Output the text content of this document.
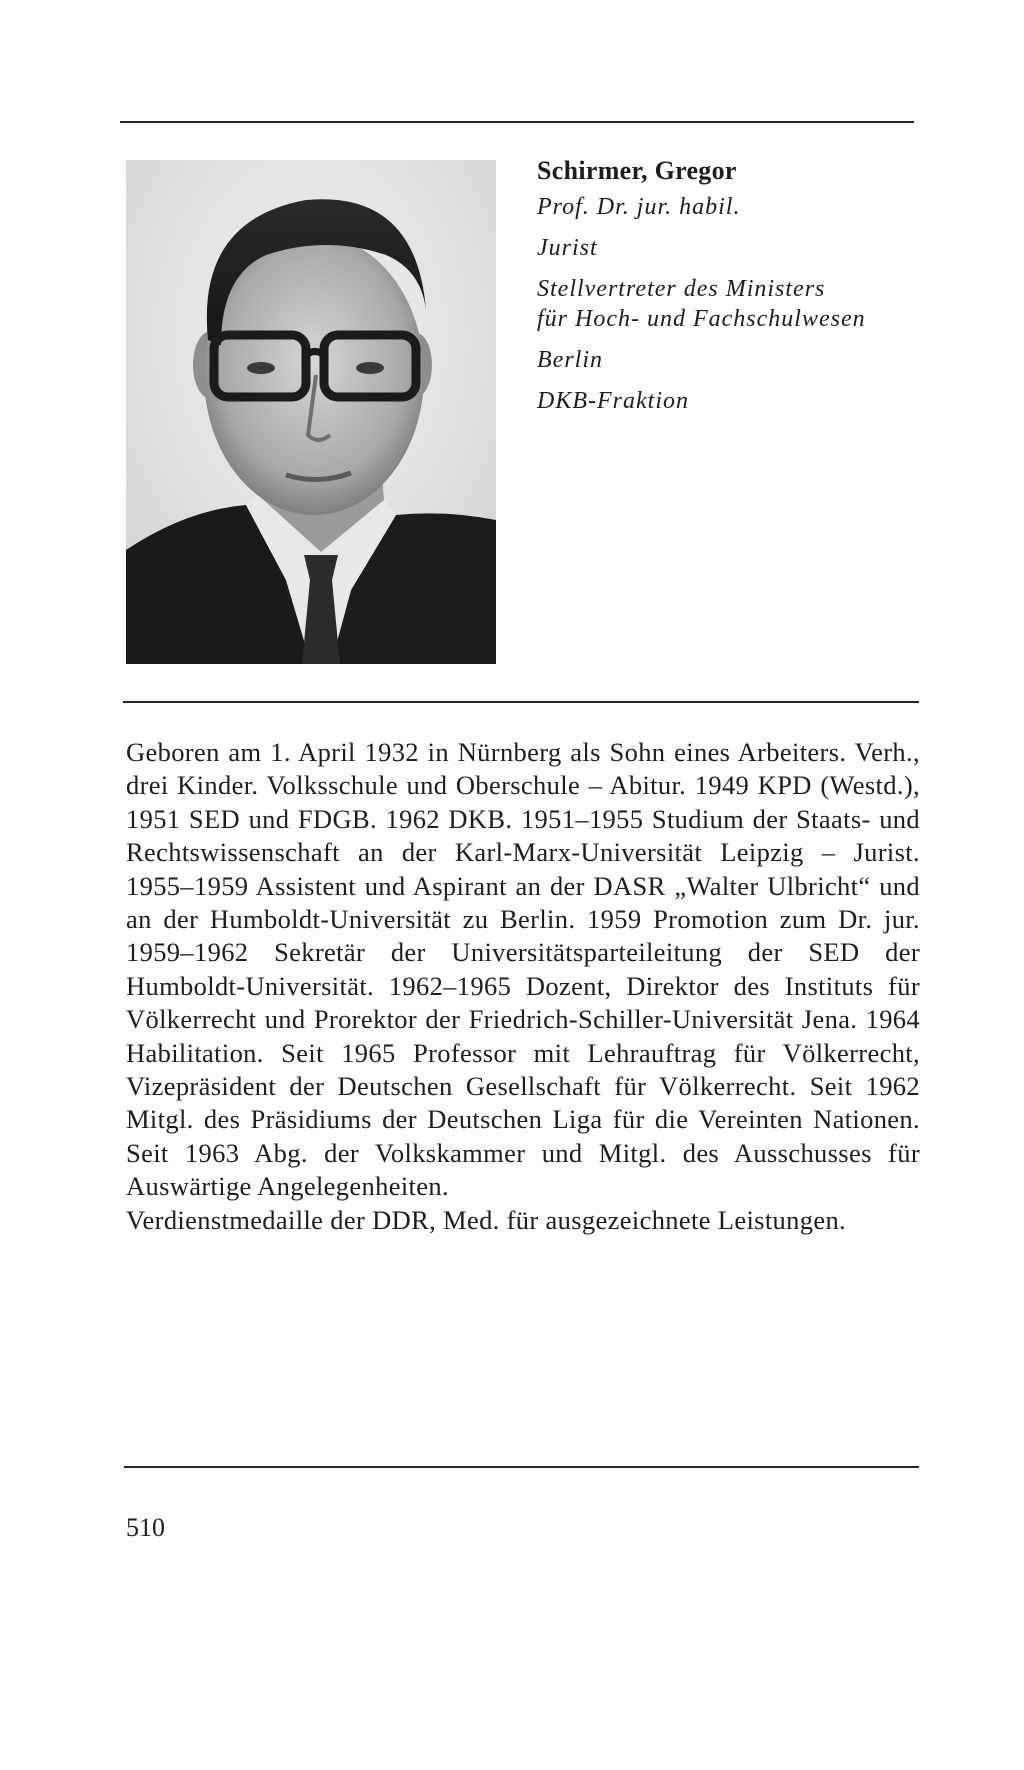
Schirmer, Gregor
Prof. Dr. jur. habil.
Jurist
Stellvertreter des Ministers
für Hoch- und Fachschulwesen
Berlin
DKB-Fraktion

Geboren am 1. April 1932 in Nürnberg als Sohn eines Arbeiters. Verh., drei Kinder. Volksschule und Oberschule – Abitur. 1949 KPD (Westd.), 1951 SED und FDGB. 1962 DKB. 1951–1955 Studium der Staats- und Rechtswissenschaft an der Karl-Marx-Universität Leipzig – Jurist. 1955–1959 Assistent und Aspirant an der DASR „Walter Ulbricht“ und an der Humboldt-Universität zu Berlin. 1959 Promotion zum Dr. jur. 1959–1962 Sekretär der Universitätsparteileitung der SED der Humboldt-Universität. 1962–1965 Dozent, Direktor des Instituts für Völkerrecht und Prorektor der Friedrich-Schiller-Universität Jena. 1964 Habilitation. Seit 1965 Professor mit Lehrauftrag für Völkerrecht, Vizepräsident der Deutschen Gesellschaft für Völkerrecht. Seit 1962 Mitgl. des Präsidiums der Deutschen Liga für die Vereinten Nationen. Seit 1963 Abg. der Volkskammer und Mitgl. des Ausschusses für Auswärtige Angelegenheiten.

Verdienstmedaille der DDR, Med. für ausgezeichnete Leistungen.

510
